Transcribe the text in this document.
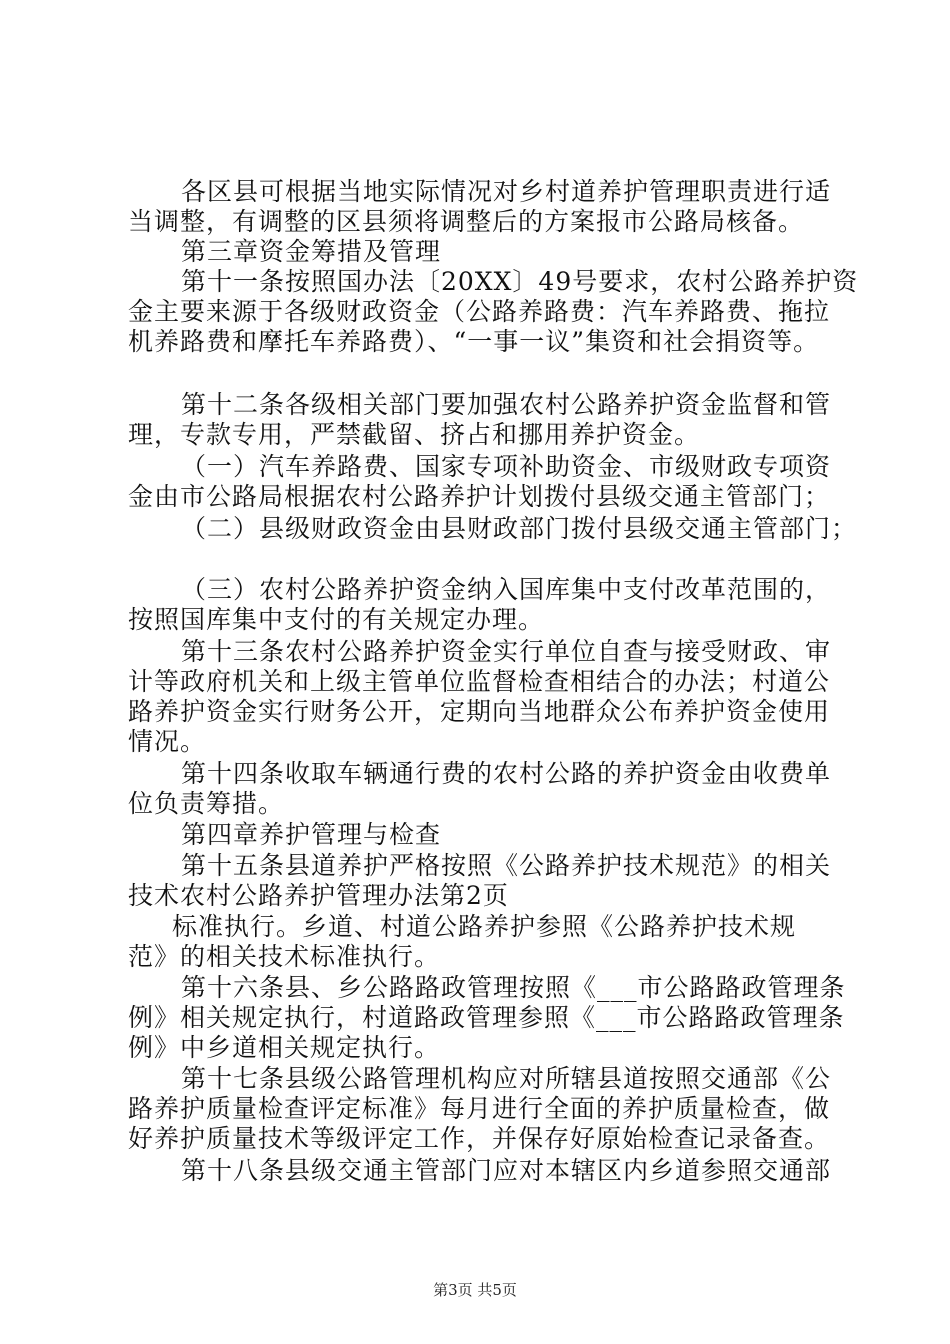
各区县可根据当地实际情况对乡村道养护管理职责进行适
当调整，有调整的区县须将调整后的方案报市公路局核备。
第三章资金筹措及管理
第十一条按照国办法〔20XX〕49号要求，农村公路养护资
金主要来源于各级财政资金（公路养路费：汽车养路费、拖拉
机养路费和摩托车养路费）、“一事一议”集资和社会捐资等。
第十二条各级相关部门要加强农村公路养护资金监督和管
理，专款专用，严禁截留、挤占和挪用养护资金。
（一）汽车养路费、国家专项补助资金、市级财政专项资
金由市公路局根据农村公路养护计划拨付县级交通主管部门；
（二）县级财政资金由县财政部门拨付县级交通主管部门；
（三）农村公路养护资金纳入国库集中支付改革范围的，
按照国库集中支付的有关规定办理。
第十三条农村公路养护资金实行单位自查与接受财政、审
计等政府机关和上级主管单位监督检查相结合的办法；村道公
路养护资金实行财务公开，定期向当地群众公布养护资金使用
情况。
第十四条收取车辆通行费的农村公路的养护资金由收费单
位负责筹措。
第四章养护管理与检查
第十五条县道养护严格按照《公路养护技术规范》的相关
技术农村公路养护管理办法第2页
标准执行。乡道、村道公路养护参照《公路养护技术规
范》的相关技术标准执行。
第十六条县、乡公路路政管理按照《___市公路路政管理条
例》相关规定执行，村道路政管理参照《___市公路路政管理条
例》中乡道相关规定执行。
第十七条县级公路管理机构应对所辖县道按照交通部《公
路养护质量检查评定标准》每月进行全面的养护质量检查，做
好养护质量技术等级评定工作，并保存好原始检查记录备查。
第十八条县级交通主管部门应对本辖区内乡道参照交通部
第3页 共5页
